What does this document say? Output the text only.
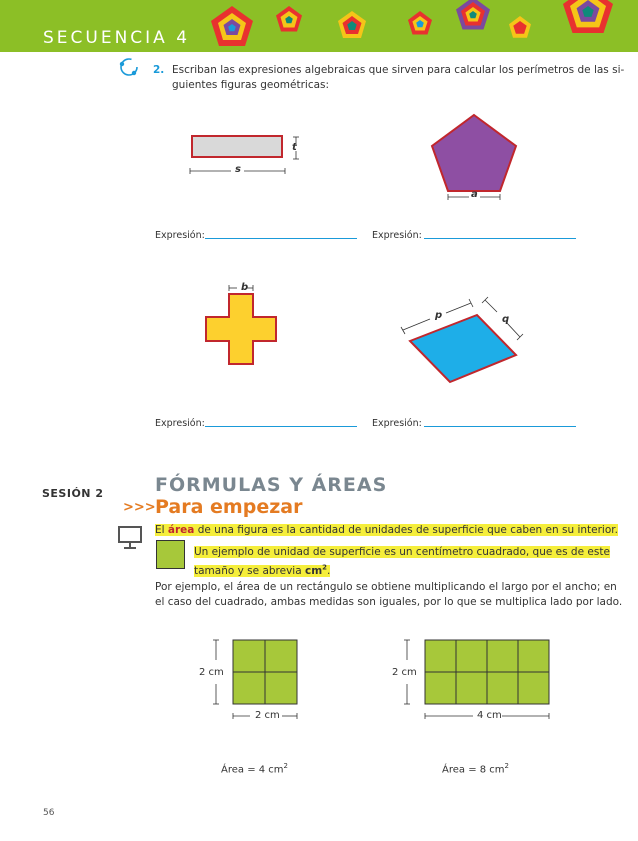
SECUENCIA 4
2. Escriban las expresiones algebraicas que sirven para calcular los perímetros de las si-
guientes figuras geométricas:
t
s
a
Expresión:	Expresión:
b
p	q
Expresión:	Expresión:
SESIÓN 2	FÓRMULAS Y ÁREAS
>>> Para empezar
El área de una figura es la cantidad de unidades de superficie que caben en su interior.
Un ejemplo de unidad de superficie es un centímetro cuadrado, que es de este
tamaño y se abrevia $cm^2$.
Por ejemplo, el área de un rectángulo se obtiene multiplicando el largo por el ancho; en
el caso del cuadrado, ambas medidas son iguales, por lo que se multiplica lado por lado.
2 cm
2 cm
Área = 4 $cm^2$
2 cm
4 cm
Área = 8 $cm^2$
56
